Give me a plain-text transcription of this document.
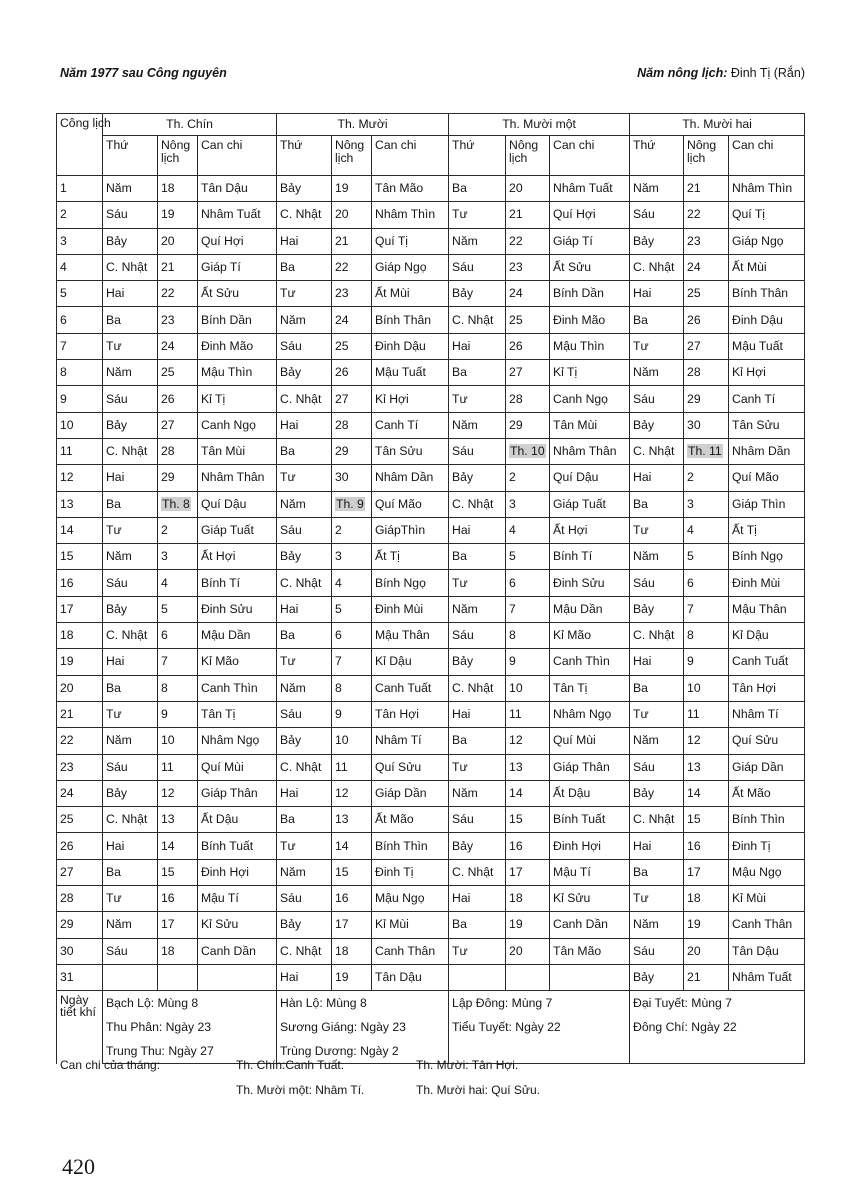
Năm 1977 sau Công nguyên	Năm nông lịch: Đinh Tị (Rắn)
Công lịch	Th. Chín			Th. Mười			Th. Mười một			Th. Mười hai		
	Thứ	Nông lịch	Can chi	Thứ	Nông lịch	Can chi	Thứ	Nông lịch	Can chi	Thứ	Nông lịch	Can chi
1	Năm	18	Tân Dậu	Bảy	19	Tân Mão	Ba	20	Nhâm Tuất	Năm	21	Nhâm Thìn
2	Sáu	19	Nhâm Tuất	C. Nhật	20	Nhâm Thìn	Tư	21	Quí Hợi	Sáu	22	Quí Tị
3	Bảy	20	Quí Hợi	Hai	21	Quí Tị	Năm	22	Giáp Tí	Bảy	23	Giáp Ngọ
4	C. Nhật	21	Giáp Tí	Ba	22	Giáp Ngọ	Sáu	23	Ất Sửu	C. Nhật	24	Ất Mùi
5	Hai	22	Ất Sửu	Tư	23	Ất Mùi	Bảy	24	Bính Dần	Hai	25	Bính Thân
6	Ba	23	Bính Dần	Năm	24	Bính Thân	C. Nhật	25	Đinh Mão	Ba	26	Đinh Dậu
7	Tư	24	Đinh Mão	Sáu	25	Đinh Dậu	Hai	26	Mậu Thìn	Tư	27	Mậu Tuất
8	Năm	25	Mậu Thìn	Bảy	26	Mậu Tuất	Ba	27	Kỉ Tị	Năm	28	Kỉ Hợi
9	Sáu	26	Kỉ Tị	C. Nhật	27	Kỉ Hợi	Tư	28	Canh Ngọ	Sáu	29	Canh Tí
10	Bảy	27	Canh Ngọ	Hai	28	Canh Tí	Năm	29	Tân Mùi	Bảy	30	Tân Sửu
11	C. Nhật	28	Tân Mùi	Ba	29	Tân Sửu	Sáu	Th. 10	Nhâm Thân	C. Nhật	Th. 11	Nhâm Dần
12	Hai	29	Nhâm Thân	Tư	30	Nhâm Dần	Bảy	2	Quí Dậu	Hai	2	Quí Mão
13	Ba	Th. 8	Quí Dậu	Năm	Th. 9	Quí Mão	C. Nhật	3	Giáp Tuất	Ba	3	Giáp Thìn
14	Tư	2	Giáp Tuất	Sáu	2	GiápThìn	Hai	4	Ất Hợi	Tư	4	Ất Tị
15	Năm	3	Ất Hợi	Bảy	3	Ất Tị	Ba	5	Bính Tí	Năm	5	Bính Ngọ
16	Sáu	4	Bính Tí	C. Nhật	4	Bính Ngọ	Tư	6	Đinh Sửu	Sáu	6	Đinh Mùi
17	Bảy	5	Đinh Sửu	Hai	5	Đinh Mùi	Năm	7	Mậu Dần	Bảy	7	Mậu Thân
18	C. Nhật	6	Mậu Dần	Ba	6	Mậu Thân	Sáu	8	Kỉ Mão	C. Nhật	8	Kỉ Dậu
19	Hai	7	Kỉ Mão	Tư	7	Kỉ Dậu	Bảy	9	Canh Thìn	Hai	9	Canh Tuất
20	Ba	8	Canh Thìn	Năm	8	Canh Tuất	C. Nhật	10	Tân Tị	Ba	10	Tân Hợi
21	Tư	9	Tân Tị	Sáu	9	Tân Hợi	Hai	11	Nhâm Ngọ	Tư	11	Nhâm Tí
22	Năm	10	Nhâm Ngọ	Bảy	10	Nhâm Tí	Ba	12	Quí Mùi	Năm	12	Quí Sửu
23	Sáu	11	Quí Mùi	C. Nhật	11	Quí Sửu	Tư	13	Giáp Thân	Sáu	13	Giáp Dần
24	Bảy	12	Giáp Thân	Hai	12	Giáp Dần	Năm	14	Ất Dậu	Bảy	14	Ất Mão
25	C. Nhật	13	Ất Dậu	Ba	13	Ất Mão	Sáu	15	Bính Tuất	C. Nhật	15	Bính Thìn
26	Hai	14	Bính Tuất	Tư	14	Bính Thìn	Bảy	16	Đinh Hợi	Hai	16	Đinh Tị
27	Ba	15	Đinh Hợi	Năm	15	Đinh Tị	C. Nhật	17	Mậu Tí	Ba	17	Mậu Ngọ
28	Tư	16	Mậu Tí	Sáu	16	Mậu Ngọ	Hai	18	Kỉ Sửu	Tư	18	Kỉ Mùi
29	Năm	17	Kỉ Sửu	Bảy	17	Kỉ Mùi	Ba	19	Canh Dần	Năm	19	Canh Thân
30	Sáu	18	Canh Dần	C. Nhật	18	Canh Thân	Tư	20	Tân Mão	Sáu	20	Tân Dậu
31				Hai	19	Tân Dậu				Bảy	21	Nhâm Tuất
Ngày tiết khí	Bạch Lộ: Mùng 8			Hàn Lộ: Mùng 8			Lập Đông: Mùng 7			Đại Tuyết: Mùng 7		
	Thu Phân: Ngày 23			Sương Giáng: Ngày 23			Tiểu Tuyết: Ngày 22			Đông Chí: Ngày 22		
	Trung Thu: Ngày 27			Trùng Dương: Ngày 2								
Can chi của tháng:	Th. Chín:Canh Tuất.	Th. Mười: Tân Hợi.
Th. Mười một: Nhâm Tí.	Th. Mười hai: Quí Sửu.
420
